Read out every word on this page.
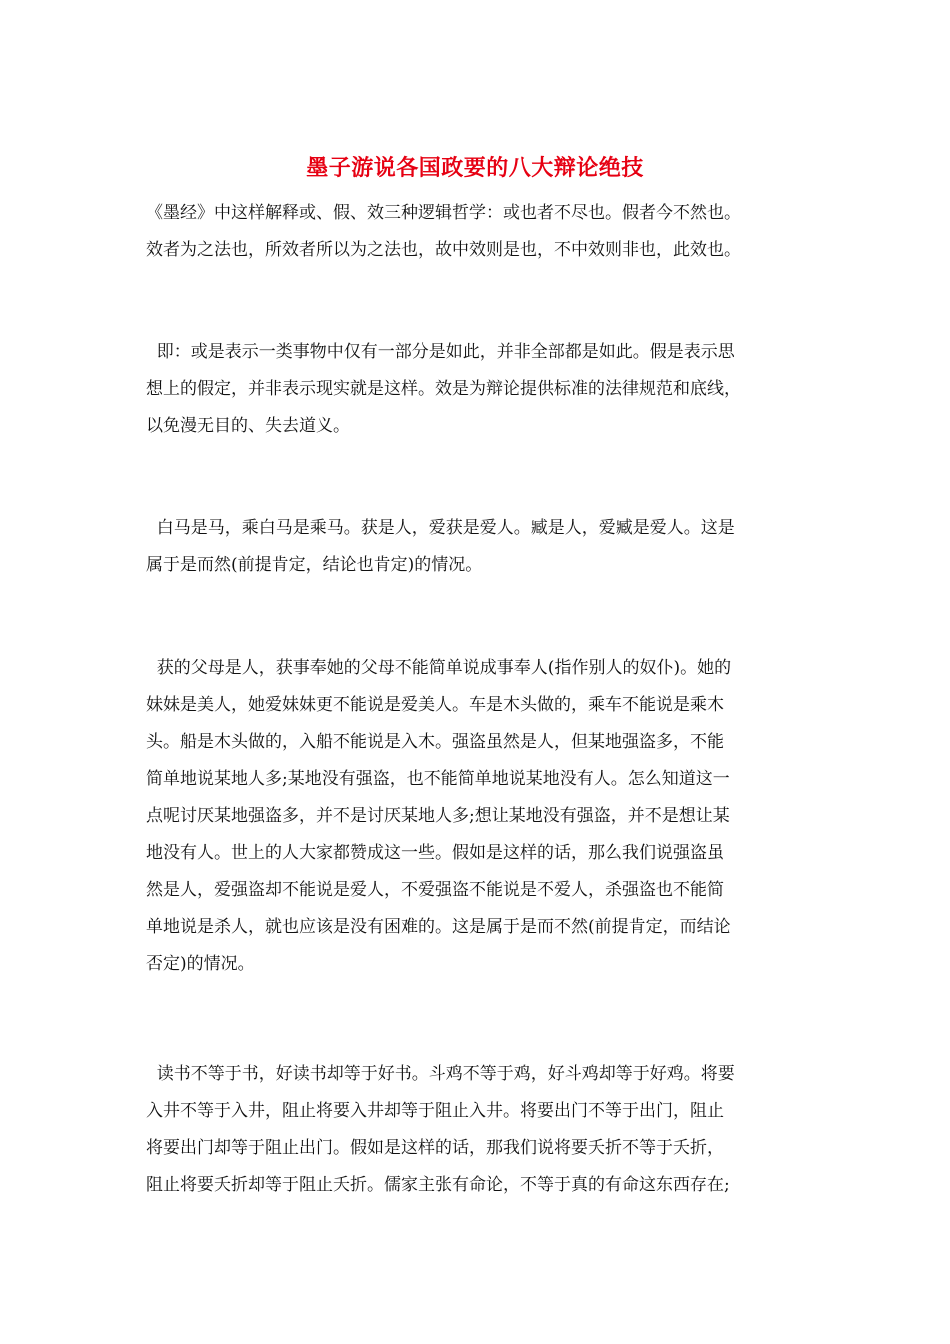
墨子游说各国政要的八大辩论绝技
《墨经》中这样解释或、假、效三种逻辑哲学：或也者不尽也。假者今不然也。
效者为之法也，所效者所以为之法也，故中效则是也，不中效则非也，此效也。
即：或是表示一类事物中仅有一部分是如此，并非全部都是如此。假是表示思
想上的假定，并非表示现实就是这样。效是为辩论提供标准的法律规范和底线，
以免漫无目的、失去道义。
白马是马，乘白马是乘马。获是人，爱获是爱人。臧是人，爱臧是爱人。这是
属于是而然(前提肯定，结论也肯定)的情况。
获的父母是人，获事奉她的父母不能简单说成事奉人(指作别人的奴仆)。她的
妹妹是美人，她爱妹妹更不能说是爱美人。车是木头做的，乘车不能说是乘木
头。船是木头做的，入船不能说是入木。强盗虽然是人，但某地强盗多，不能
简单地说某地人多;某地没有强盗，也不能简单地说某地没有人。怎么知道这一
点呢讨厌某地强盗多，并不是讨厌某地人多;想让某地没有强盗，并不是想让某
地没有人。世上的人大家都赞成这一些。假如是这样的话，那么我们说强盗虽
然是人，爱强盗却不能说是爱人，不爱强盗不能说是不爱人，杀强盗也不能简
单地说是杀人，就也应该是没有困难的。这是属于是而不然(前提肯定，而结论
否定)的情况。
读书不等于书，好读书却等于好书。斗鸡不等于鸡，好斗鸡却等于好鸡。将要
入井不等于入井，阻止将要入井却等于阻止入井。将要出门不等于出门，阻止
将要出门却等于阻止出门。假如是这样的话，那我们说将要夭折不等于夭折，
阻止将要夭折却等于阻止夭折。儒家主张有命论，不等于真的有命这东西存在;
